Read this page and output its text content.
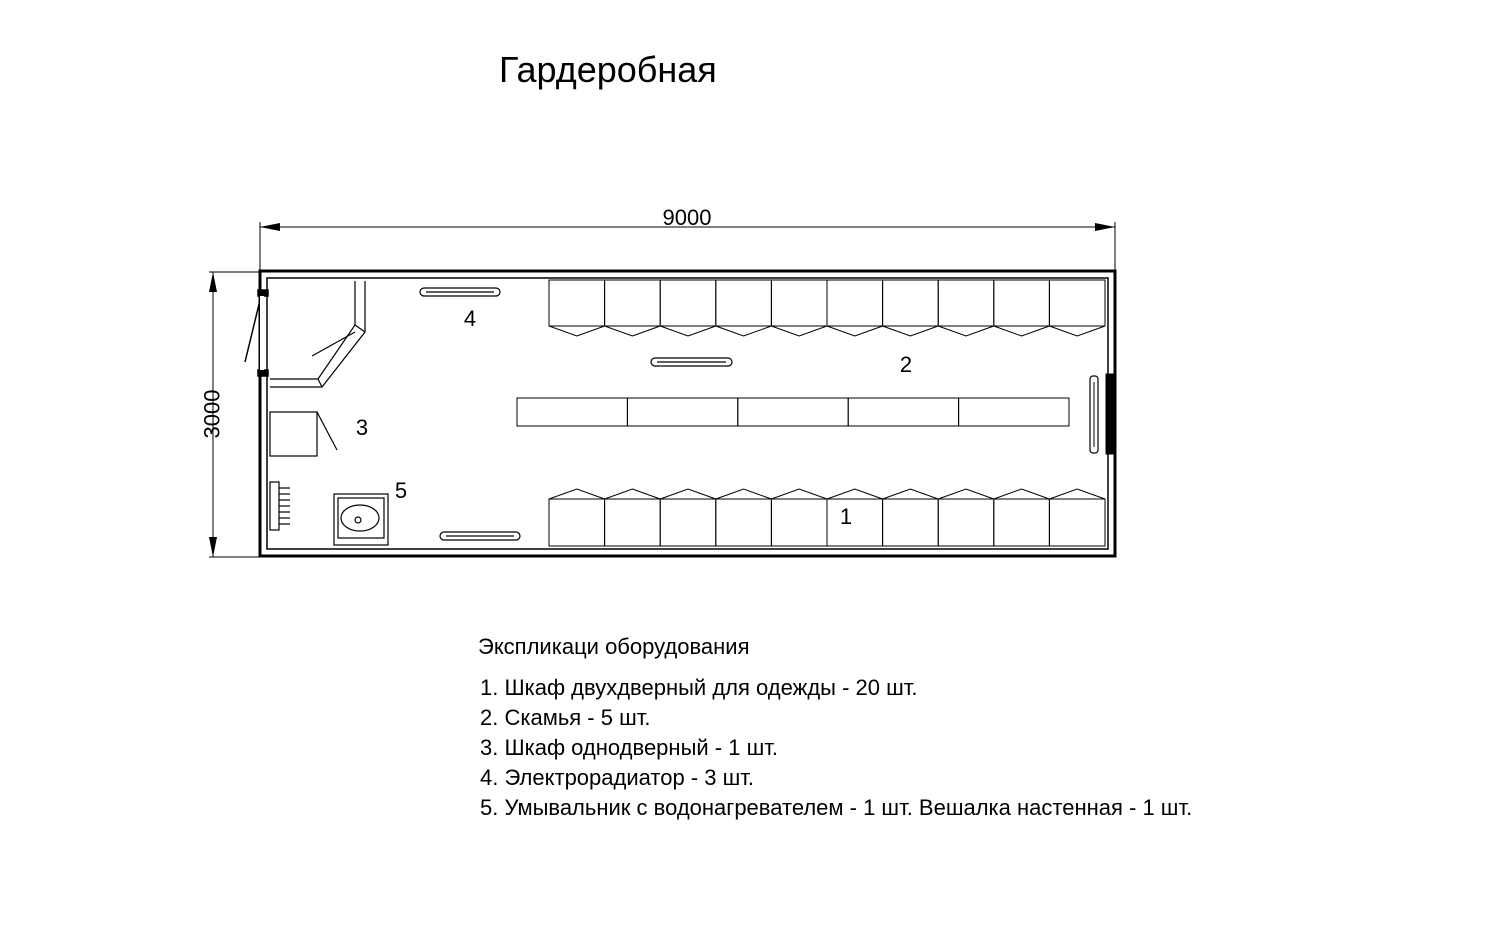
Гардеробная
9000
3000
1
2
3
4
5
Экспликаци оборудования
1. Шкаф двухдверный для одежды - 20 шт.
2. Скамья - 5 шт.
3. Шкаф однодверный - 1 шт.
4. Электрорадиатор - 3 шт.
5. Умывальник с водонагревателем - 1 шт. Вешалка настенная - 1 шт.
